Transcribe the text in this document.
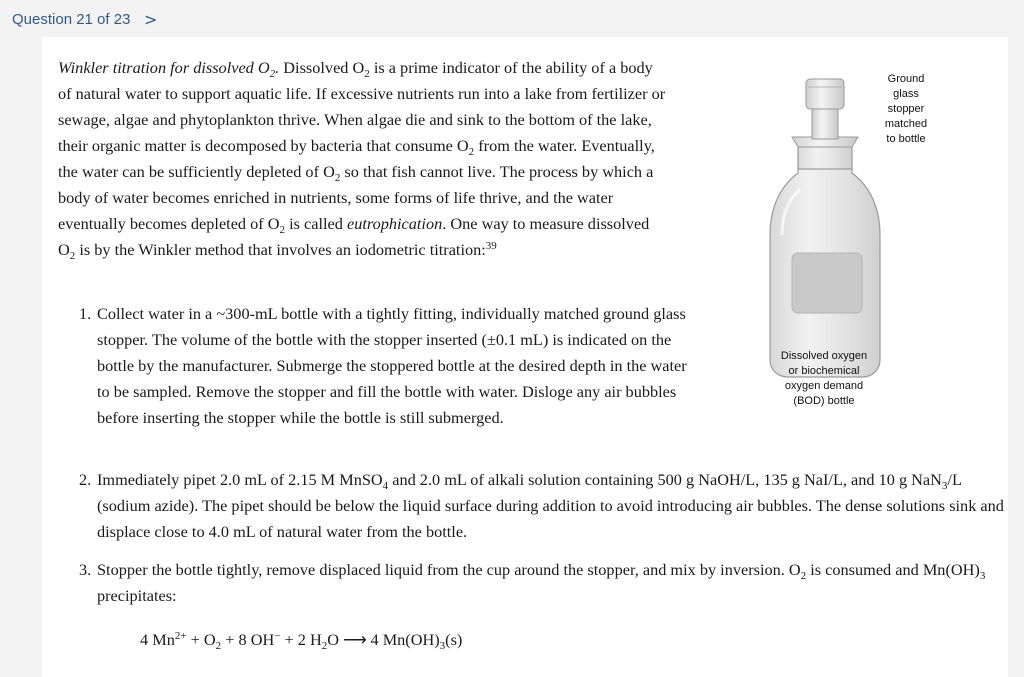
Question 21 of 23 >
Winkler titration for dissolved $O_2$. Dissolved $O_2$ is a prime indicator of the ability of a body of natural water to support aquatic life. If excessive nutrients run into a lake from fertilizer or sewage, algae and phytoplankton thrive. When algae die and sink to the bottom of the lake, their organic matter is decomposed by bacteria that consume $O_2$ from the water. Eventually, the water can be sufficiently depleted of $O_2$ so that fish cannot live. The process by which a body of water becomes enriched in nutrients, some forms of life thrive, and the water eventually becomes depleted of $O_2$ is called eutrophication. One way to measure dissolved $O_2$ is by the Winkler method that involves an iodometric titration:$^{39}$
1. Collect water in a ~300-mL bottle with a tightly fitting, individually matched ground glass stopper. The volume of the bottle with the stopper inserted (±0.1 mL) is indicated on the bottle by the manufacturer. Submerge the stoppered bottle at the desired depth in the water to be sampled. Remove the stopper and fill the bottle with water. Disloge any air bubbles before inserting the stopper while the bottle is still submerged.
2. Immediately pipet 2.0 mL of 2.15 M MnSO$_4$ and 2.0 mL of alkali solution containing 500 g NaOH/L, 135 g NaI/L, and 10 g NaN$_3$/L (sodium azide). The pipet should be below the liquid surface during addition to avoid introducing air bubbles. The dense solutions sink and displace close to 4.0 mL of natural water from the bottle.
3. Stopper the bottle tightly, remove displaced liquid from the cup around the stopper, and mix by inversion. $O_2$ is consumed and $Mn(OH)_3$ precipitates:
4 $Mn^{2+} + O_2 + 8$ OH− + 2 $H_2O$ ⟶ 4 $Mn(OH)_3(s)$
Ground
glass
stopper
matched
to bottle
Dissolved oxygen
or biochemical
oxygen demand
(BOD) bottle
